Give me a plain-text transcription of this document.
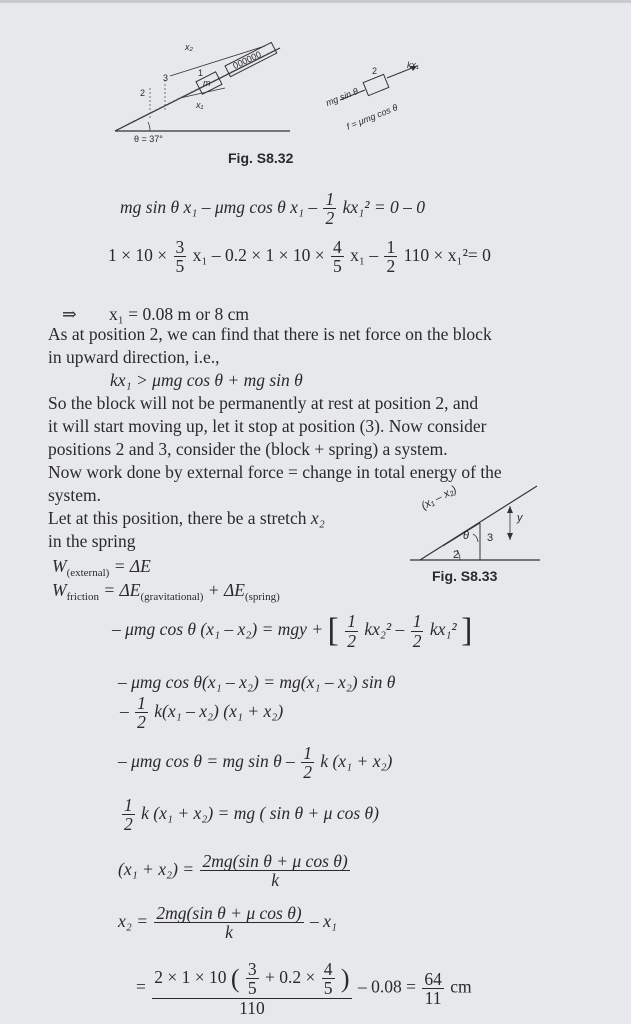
x₂
1
3
2
x₁
θ = 37°
m
000000
mg sin θ
2
kx₁
f = μmg cos θ
Fig. S8.32
mg sin θ x₁ – μmg cos θ $x_1 - \frac{1}{2} kx_1^2 = 0 - 0$
$1 \times 10 \times \frac{3}{5} x_1 - 0.2 \times 1 \times 10 \times \frac{4}{5} x_1 - \frac{1}{2} 110 \times x_1^2= 0$
⇒ x₁ = 0.08 m or 8 cm
As at position 2, we can find that there is net force on the block
in upward direction, i.e.,
kx₁ > μmg cos θ + mg sin θ
So the block will not be permanently at rest at position 2, and
it will start moving up, let it stop at position (3). Now consider
positions 2 and 3, consider the (block + spring) a system.
Now work done by external force = change in total energy of the
system.
Let at this position, there be a stretch x₂
in the spring
(x₁ – x₂)
θ 3
y
2
Fig. S8.33
$W_{(external)} = \Delta E$
$W_{friction} = \Delta E_{(gravitational)} + \Delta E_{(spring)}$
– μmg cos θ (x₁ – x₂) = mgy + [ $\frac{1}{2} kx_2^2 - \frac{1}{2} kx_1^2$ ]
– μmg cos θ(x₁ – x₂) = mg(x₁ – x₂) sin θ
– $\frac{1}{2} k(x_1 - x_2) (x_1 + x_2)$
– μmg cos θ = mg sin θ – $\frac{1}{2}$ k (x₁ + x₂)
$\frac{1}{2}$ k (x₁ + x₂) = mg ( sin θ + μ cos θ)
$(x_1 + x_2) = \frac{\text{2mg(sin θ + μ cos θ)}}{k}$
$x_2 = \frac{\text{2mg(sin θ + μ cos θ)}}{k} - x_1$
= $\frac{2 \times 1 \times 10 ( \frac{3}{5} + 0.2 \times \frac{4}{5} )}{110} - 0.08 = \frac{64}{11}$ cm
